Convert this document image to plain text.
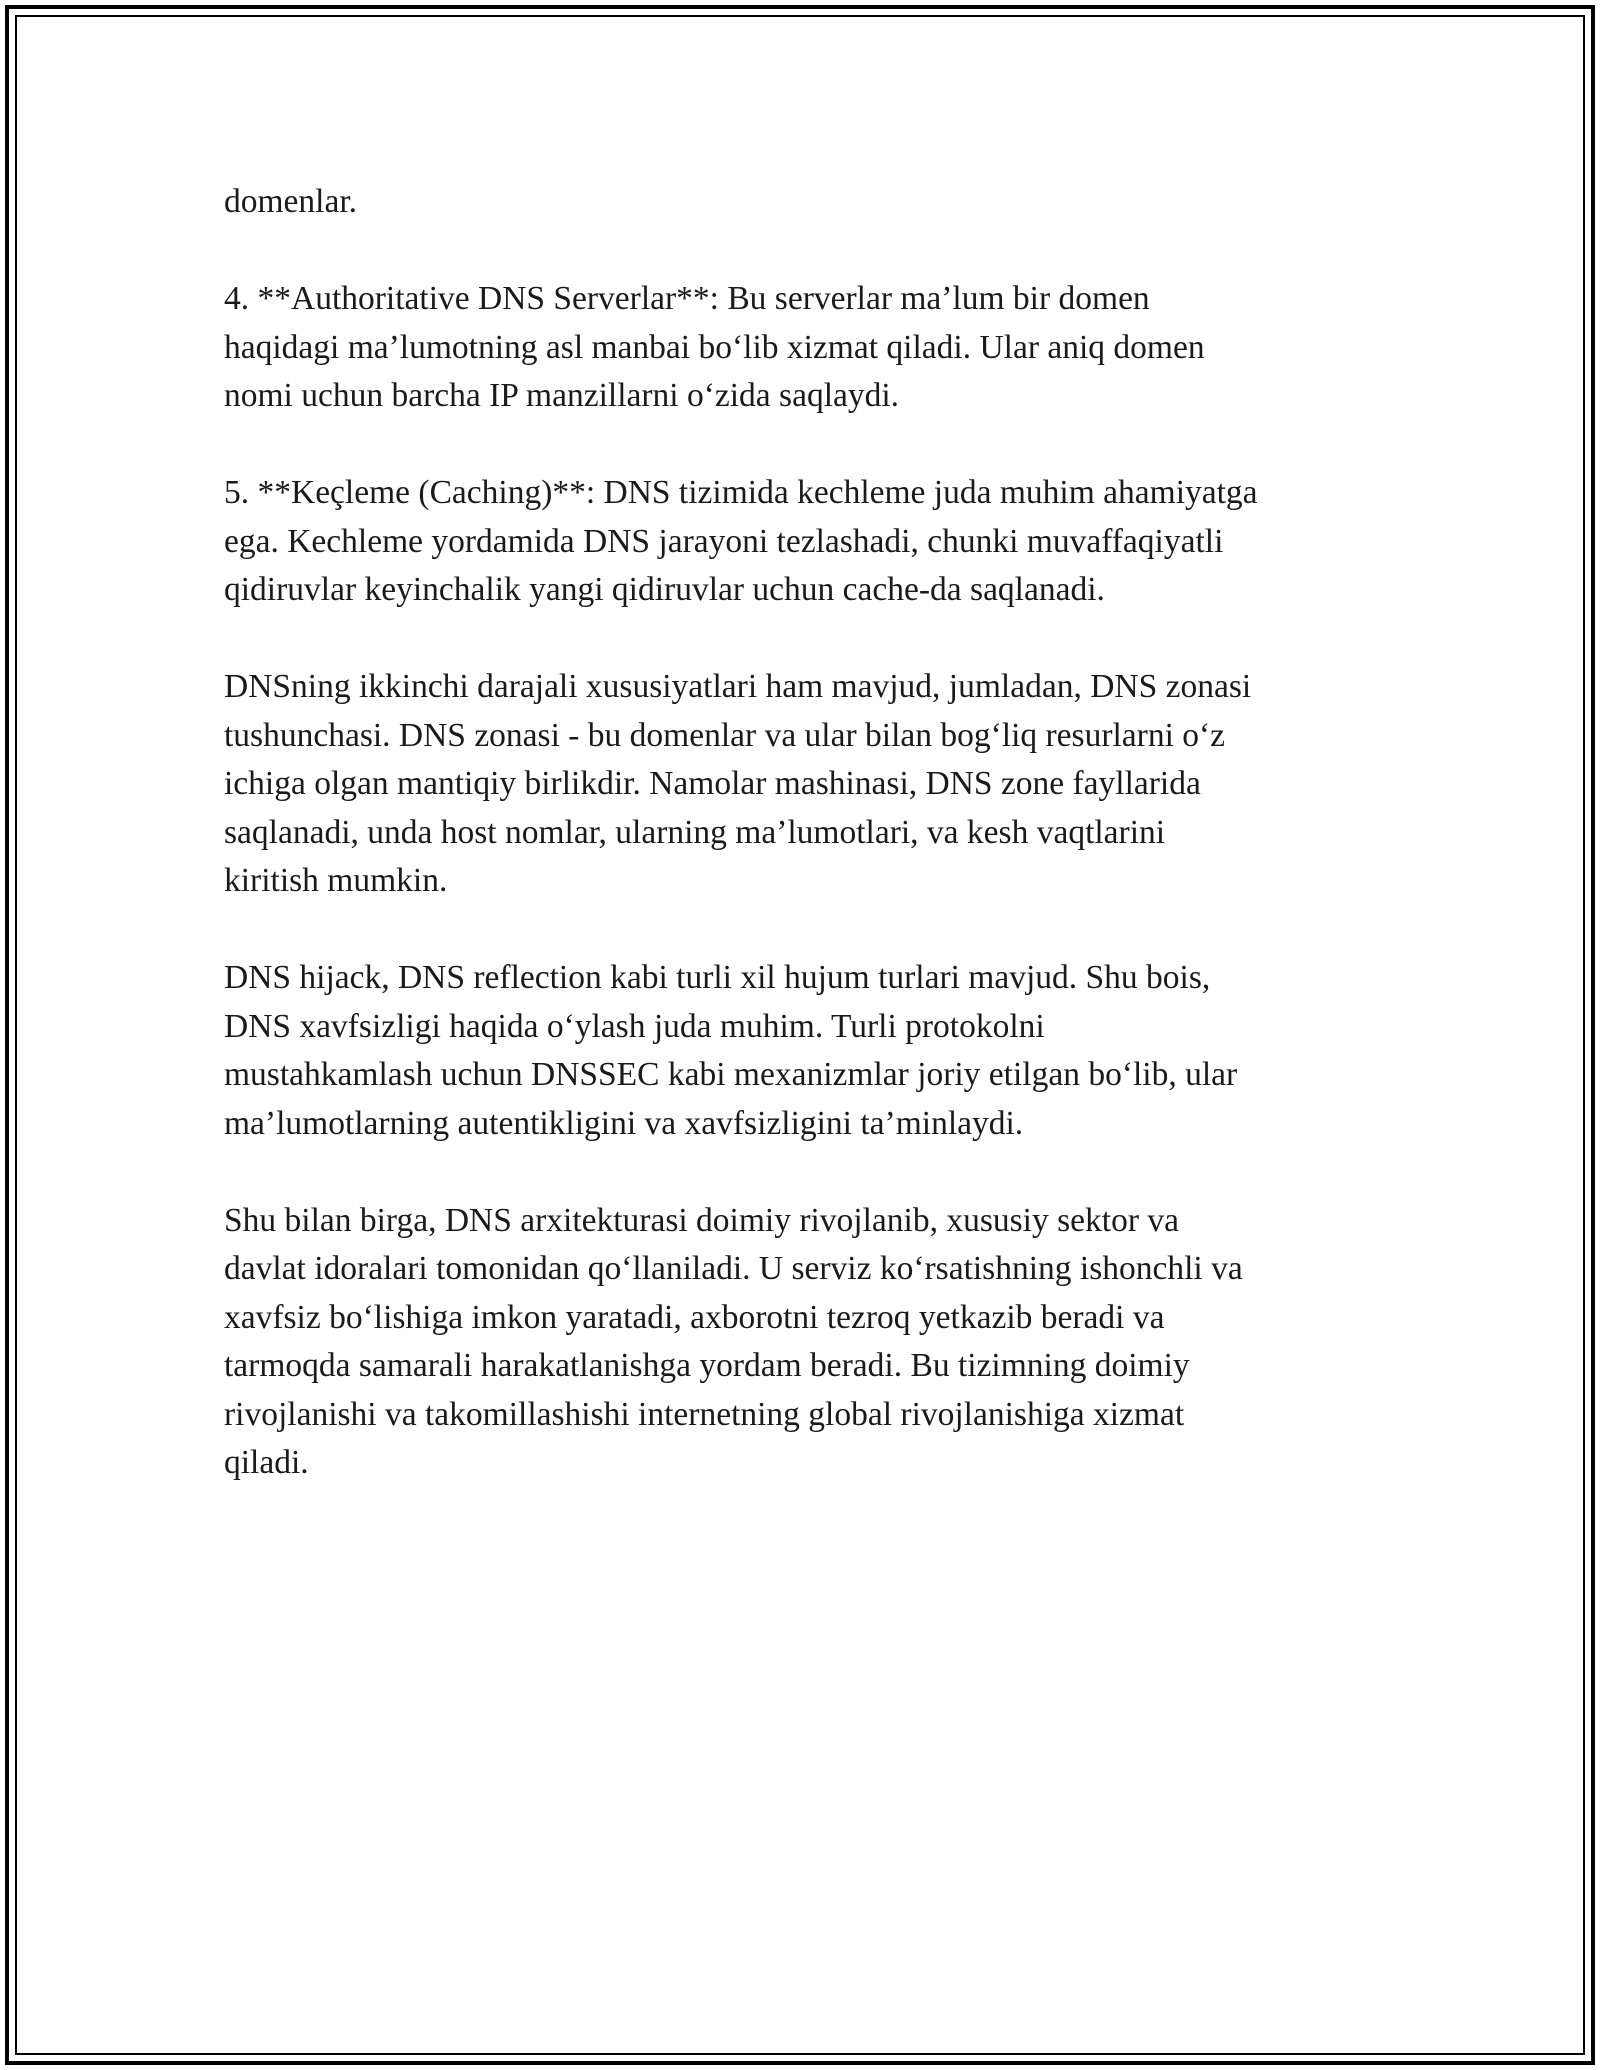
domenlar.

4. **Authoritative DNS Serverlar**: Bu serverlar ma’lum bir domen
haqidagi ma’lumotning asl manbai bo‘lib xizmat qiladi. Ular aniq domen
nomi uchun barcha IP manzillarni o‘zida saqlaydi.

5. **Keçleme (Caching)**: DNS tizimida kechleme juda muhim ahamiyatga
ega. Kechleme yordamida DNS jarayoni tezlashadi, chunki muvaffaqiyatli
qidiruvlar keyinchalik yangi qidiruvlar uchun cache-da saqlanadi.

DNSning ikkinchi darajali xususiyatlari ham mavjud, jumladan, DNS zonasi
tushunchasi. DNS zonasi - bu domenlar va ular bilan bog‘liq resurlarni o‘z
ichiga olgan mantiqiy birlikdir. Namolar mashinasi, DNS zone fayllarida
saqlanadi, unda host nomlar, ularning ma’lumotlari, va kesh vaqtlarini
kiritish mumkin.

DNS hijack, DNS reflection kabi turli xil hujum turlari mavjud. Shu bois,
DNS xavfsizligi haqida o‘ylash juda muhim. Turli protokolni
mustahkamlash uchun DNSSEC kabi mexanizmlar joriy etilgan bo‘lib, ular
ma’lumotlarning autentikligini va xavfsizligini ta’minlaydi.

Shu bilan birga, DNS arxitekturasi doimiy rivojlanib, xususiy sektor va
davlat idoralari tomonidan qo‘llaniladi. U serviz ko‘rsatishning ishonchli va
xavfsiz bo‘lishiga imkon yaratadi, axborotni tezroq yetkazib beradi va
tarmoqda samarali harakatlanishga yordam beradi. Bu tizimning doimiy
rivojlanishi va takomillashishi internetning global rivojlanishiga xizmat
qiladi.
